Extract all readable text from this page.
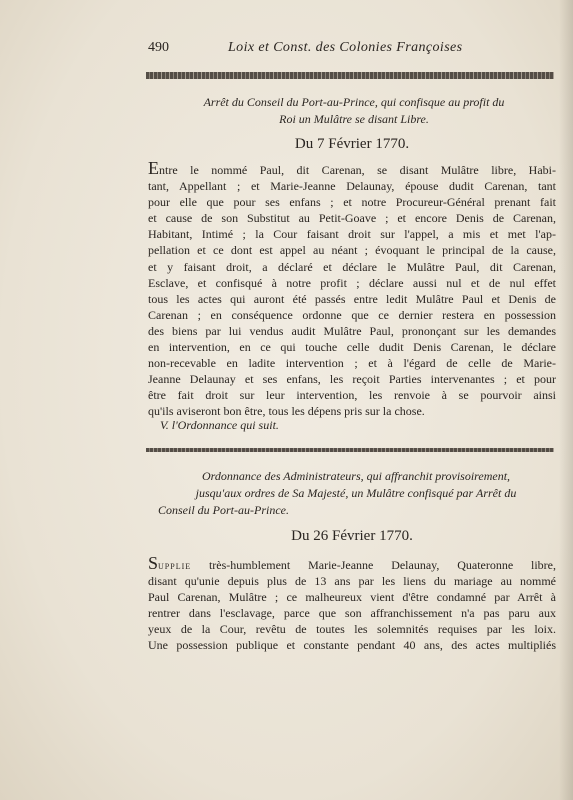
490	Loix et Const. des Colonies Françoises
Arrêt du Conseil du Port-au-Prince, qui confisque au profit du
Roi un Mulâtre se disant Libre.
Du 7 Février 1770.
Entre le nommé Paul, dit Carenan, se disant Mulâtre libre, Habi-
tant, Appellant ; et Marie-Jeanne Delaunay, épouse dudit Carenan, tant
pour elle que pour ses enfans ; et notre Procureur-Général prenant fait
et cause de son Substitut au Petit-Goave ; et encore Denis de Carenan,
Habitant, Intimé ; la Cour faisant droit sur l'appel, a mis et met l'ap-
pellation et ce dont est appel au néant ; évoquant le principal de la cause,
et y faisant droit, a déclaré et déclare le Mulâtre Paul, dit Carenan,
Esclave, et confisqué à notre profit ; déclare aussi nul et de nul effet
tous les actes qui auront été passés entre ledit Mulâtre Paul et Denis de
Carenan ; en conséquence ordonne que ce dernier restera en possession
des biens par lui vendus audit Mulâtre Paul, prononçant sur les demandes
en intervention, en ce qui touche celle dudit Denis Carenan, le déclare
non-recevable en ladite intervention ; et à l'égard de celle de Marie-
Jeanne Delaunay et ses enfans, les reçoit Parties intervenantes ; et pour
être fait droit sur leur intervention, les renvoie à se pourvoir ainsi
qu'ils aviseront bon être, tous les dépens pris sur la chose.
V. l'Ordonnance qui suit.
Ordonnance des Administrateurs, qui affranchit provisoirement,
jusqu'aux ordres de Sa Majesté, un Mulâtre confisqué par Arrêt du
Conseil du Port-au-Prince.
Du 26 Février 1770.
Supplie très-humblement Marie-Jeanne Delaunay, Quateronne libre,
disant qu'unie depuis plus de 13 ans par les liens du mariage au nommé
Paul Carenan, Mulâtre ; ce malheureux vient d'être condamné par Arrêt à
rentrer dans l'esclavage, parce que son affranchissement n'a pas paru aux
yeux de la Cour, revêtu de toutes les solemnités requises par les loix.
Une possession publique et constante pendant 40 ans, des actes multipliés
